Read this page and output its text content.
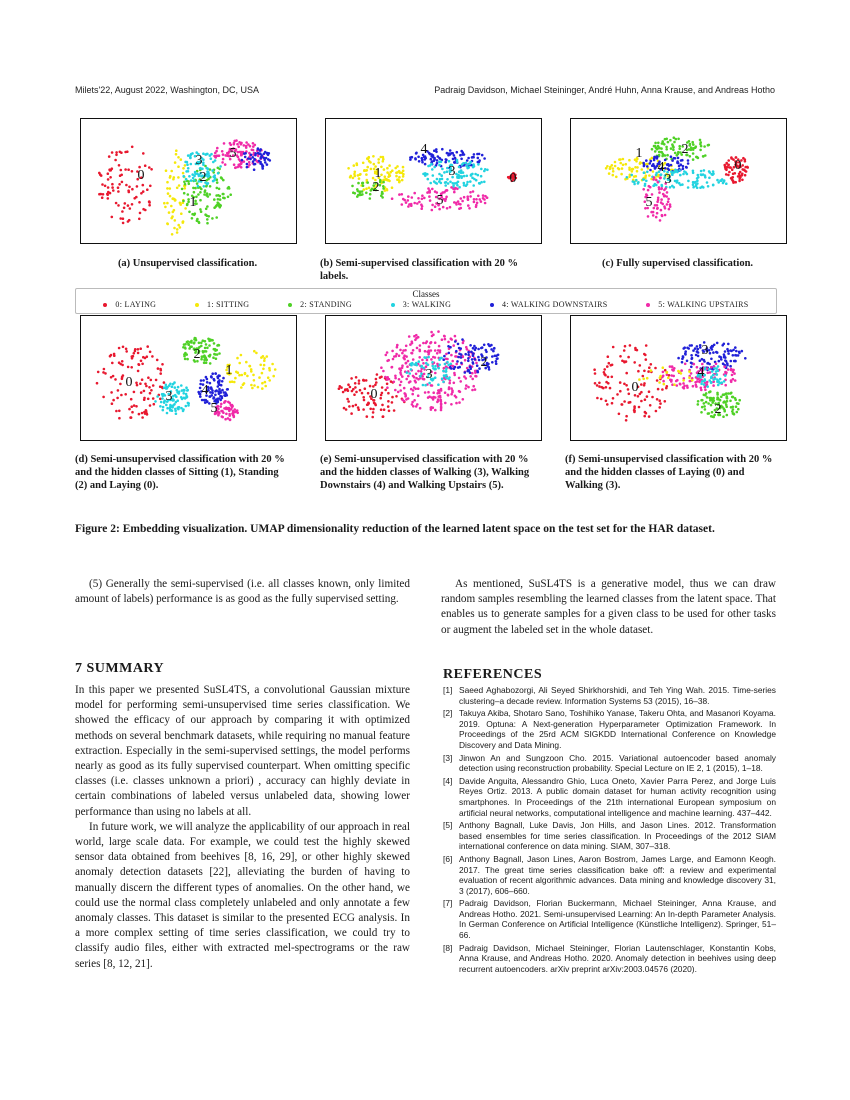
Milets'22, August 2022, Washington, DC, USA	Padraig Davidson, Michael Steininger, André Huhn, Anna Krause, and Andreas Hotho
0
1
2
3 5
0
1
2
3
4
5
0
1	2
3
4
5
(a) Unsupervised classification.	(b) Semi-supervised classification with 20 % labels.
(c) Fully supervised classification.
Classes
0: LAYING	1: SITTING	2: STANDING	3: WALKING	4: WALKING DOWNSTAIRS	5: WALKING UPSTAIRS
0
1
2
3 4
5
0
2
3
0
2
3
4
(d) Semi-unsupervised classification with 20 % and the hidden classes of Sitting (1), Standing (2) and Laying (0).
(e) Semi-unsupervised classification with 20 % and the hidden classes of Walking (3), Walking Downstairs (4) and Walking Upstairs (5).
(f) Semi-unsupervised classification with 20 % and the hidden classes of Laying (0) and Walking (3).
Figure 2: Embedding visualization. UMAP dimensionality reduction of the learned latent space on the test set for the HAR dataset.

(5) Generally the semi-supervised (i.e. all classes known, only limited amount of labels) performance is as good as the fully supervised setting.

7 SUMMARY

In this paper we presented SuSL4TS, a convolutional Gaussian mixture model for performing semi-unsupervised time series classification. We showed the efficacy of our approach by comparing it with optimized methods on several benchmark datasets, while requiring no manual feature extraction. Especially in the semi-supervised settings, the model performs nearly as good as its fully supervised counterpart. When omitting specific classes (i.e. classes unknown a priori) , accuracy can highly deviate in certain combinations of labeled versus unlabeled data, showing lower performance than using no labels at all.

In future work, we will analyze the applicability of our approach in real world, large scale data. For example, we could test the highly skewed sensor data obtained from beehives [8, 16, 29], or other highly skewed anomaly detection datasets [22], alleviating the burden of having to manually discern the different types of anomalies. On the other hand, we could use the normal class completely unlabeled and only annotate a few anomaly classes. This dataset is similar to the presented ECG analysis. In a more complex setting of time series classification, we could try to classify audio files, either with extracted mel-spectrograms or the raw series [8, 12, 21].

As mentioned, SuSL4TS is a generative model, thus we can draw random samples resembling the learned classes from the latent space. That enables us to generate samples for a given class to be used for other tasks or augment the labeled set in the whole dataset.

REFERENCES
[1] Saeed Aghabozorgi, Ali Seyed Shirkhorshidi, and Teh Ying Wah. 2015. Time-series clustering–a decade review. Information Systems 53 (2015), 16–38.
[2] Takuya Akiba, Shotaro Sano, Toshihiko Yanase, Takeru Ohta, and Masanori Koyama. 2019. Optuna: A Next-generation Hyperparameter Optimization Framework. In Proceedings of the 25rd ACM SIGKDD International Conference on Knowledge Discovery and Data Mining.
[3] Jinwon An and Sungzoon Cho. 2015. Variational autoencoder based anomaly detection using reconstruction probability. Special Lecture on IE 2, 1 (2015), 1–18.
[4] Davide Anguita, Alessandro Ghio, Luca Oneto, Xavier Parra Perez, and Jorge Luis Reyes Ortiz. 2013. A public domain dataset for human activity recognition using smartphones. In Proceedings of the 21th international European symposium on artificial neural networks, computational intelligence and machine learning. 437–442.
[5] Anthony Bagnall, Luke Davis, Jon Hills, and Jason Lines. 2012. Transformation based ensembles for time series classification. In Proceedings of the 2012 SIAM international conference on data mining. SIAM, 307–318.
[6] Anthony Bagnall, Jason Lines, Aaron Bostrom, James Large, and Eamonn Keogh. 2017. The great time series classification bake off: a review and experimental evaluation of recent algorithmic advances. Data mining and knowledge discovery 31, 3 (2017), 606–660.
[7] Padraig Davidson, Florian Buckermann, Michael Steininger, Anna Krause, and Andreas Hotho. 2021. Semi-unsupervised Learning: An In-depth Parameter Analysis. In German Conference on Artificial Intelligence (Künstliche Intelligenz). Springer, 51–66.
[8] Padraig Davidson, Michael Steininger, Florian Lautenschlager, Konstantin Kobs, Anna Krause, and Andreas Hotho. 2020. Anomaly detection in beehives using deep recurrent autoencoders. arXiv preprint arXiv:2003.04576 (2020).
